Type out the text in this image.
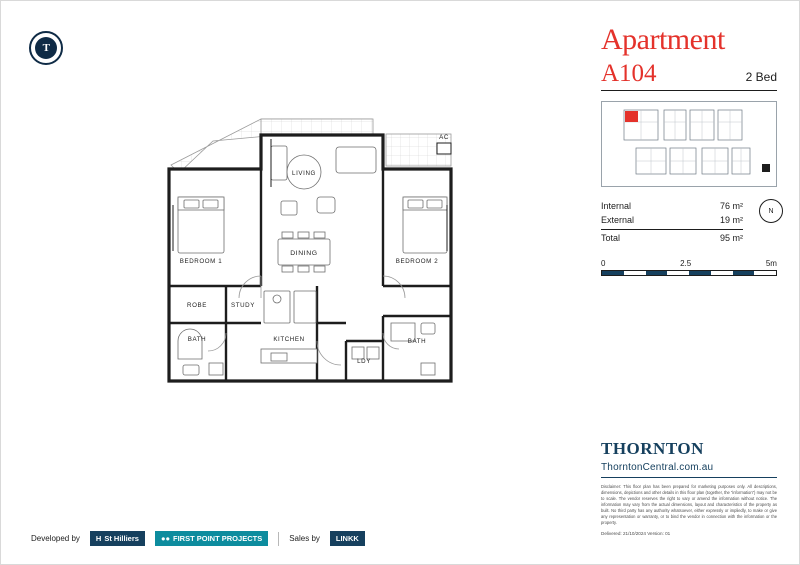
T
BEDROOM 1	BEDROOM 2
LIVING
DINING
KITCHEN
BATH	BATH
ROBE	STUDY
LDY
AC
Apartment
A104	2 Bed
Internal	76 m²
External	19 m²
Total	95 m²
N
0	2.5	5m
THORNTON
ThorntonCentral.com.au
Disclaimer: This floor plan has been prepared for marketing purposes only. All descriptions, dimensions, depictions and other details in this floor plan (together, the “information”) may not be to scale. The vendor reserves the right to vary or amend the information without notice. The information may vary from the actual dimensions, layout and characteristics of the property as built. No third party has any authority whatsoever, either expressly or impliedly, to make or give any representation or warranty, or to bind the vendor in connection with the information or the property.
Delivered: 21/10/2024 Version: 01
Developed by H St Hilliers	●● FIRST POINT PROJECTS	Sales by	LINKK
